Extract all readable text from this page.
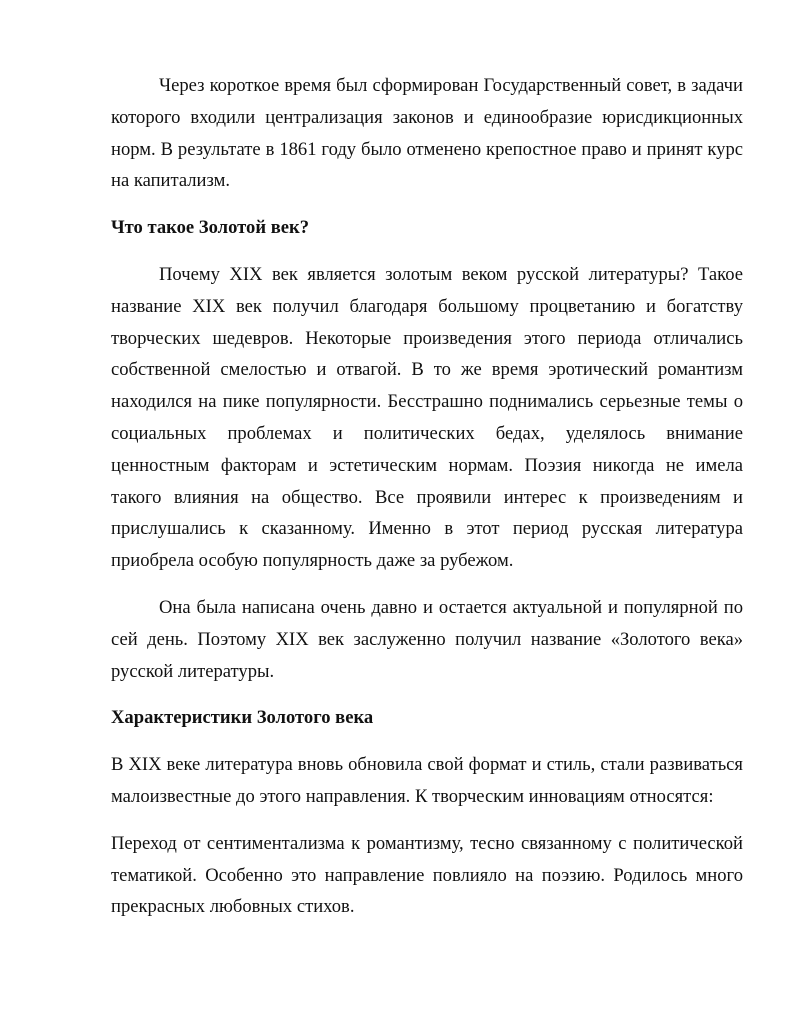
Через короткое время был сформирован Государственный совет, в задачи которого входили централизация законов и единообразие юрисдикционных норм. В результате в 1861 году было отменено крепостное право и принят курс на капитализм.

Что такое Золотой век?

Почему XIX век является золотым веком русской литературы? Такое название XIX век получил благодаря большому процветанию и богатству творческих шедевров. Некоторые произведения этого периода отличались собственной смелостью и отвагой. В то же время эротический романтизм находился на пике популярности. Бесстрашно поднимались серьезные темы о социальных проблемах и политических бедах, уделялось внимание ценностным факторам и эстетическим нормам. Поэзия никогда не имела такого влияния на общество. Все проявили интерес к произведениям и прислушались к сказанному. Именно в этот период русская литература приобрела особую популярность даже за рубежом.

Она была написана очень давно и остается актуальной и популярной по сей день. Поэтому XIX век заслуженно получил название «Золотого века» русской литературы.

Характеристики Золотого века

В XIX веке литература вновь обновила свой формат и стиль, стали развиваться малоизвестные до этого направления. К творческим инновациям относятся:

Переход от сентиментализма к романтизму, тесно связанному с политической тематикой. Особенно это направление повлияло на поэзию. Родилось много прекрасных любовных стихов.
